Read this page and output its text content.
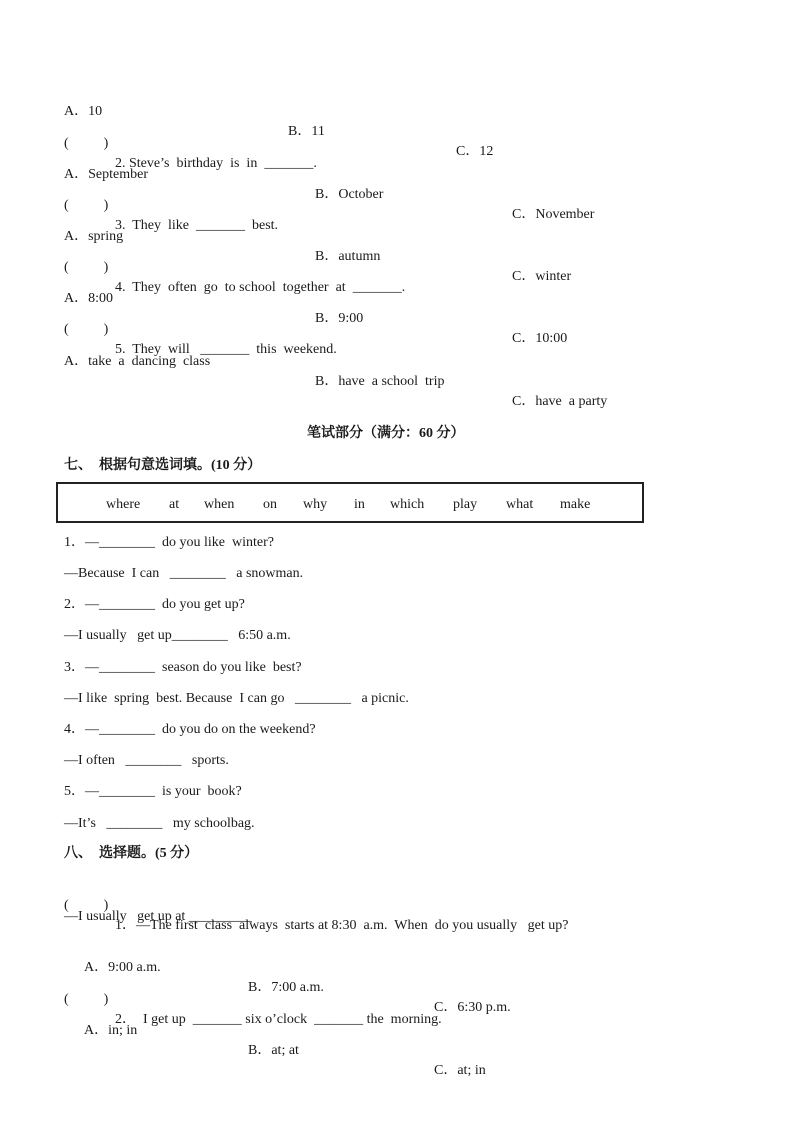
A．10

B．11

C．12

(          )

2. Steve’s  birthday  is  in  _______.

A．September

B．October

C．November

(          )

3.  They  like  _______  best.

A．spring

B．autumn

C．winter

(          )

4.  They  often  go  to school  together  at  _______.

A．8:00

B．9:00

C．10:00

(          )

5.  They  will   _______  this  weekend.

A．take  a  dancing  class

B．have  a school  trip

C．have  a party

笔试部分（满分：60 分）
七、  根据句意选词填。(10 分）
where at when on why in which play what make
1．—________  do you like  winter?
—Because  I can   ________   a snowman.
2．—________  do you get up?
—I usually   get up________   6:50 a.m.
3．—________  season do you like  best?
—I like  spring  best. Because  I can go   ________   a picnic.
4．—________  do you do on the weekend?
—I often   ________   sports.
5．—________  is your  book?
—It’s   ________   my schoolbag.
八、  选择题。(5 分）

(          )

1．—The first  class  always  starts at 8:30  a.m.  When  do you usually   get up?

—I usually   get up at _________

A．9:00 a.m.

B．7:00 a.m.

C．6:30 p.m.

(          )

2．  I get up  _______ six o’clock  _______ the  morning.

A．in; in

B．at; at

C．at; in
